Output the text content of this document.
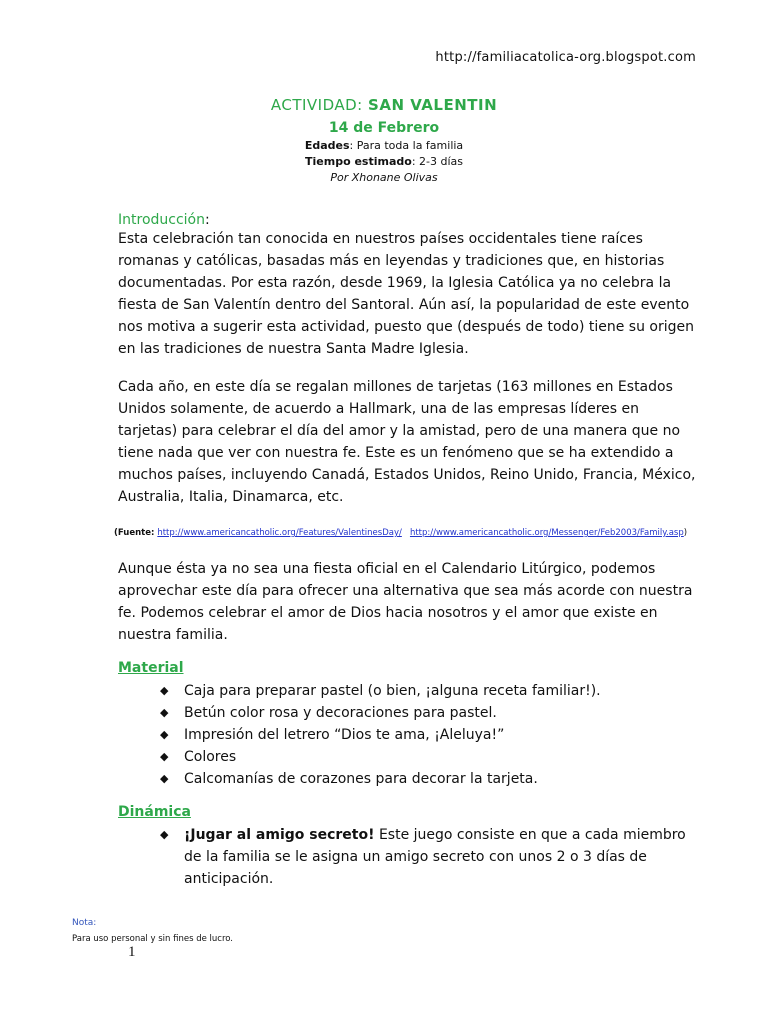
http://familiacatolica-org.blogspot.com
ACTIVIDAD: SAN VALENTIN
14 de Febrero
Edades: Para toda la familia
Tiempo estimado: 2-3 días
Por Xhonane Olivas
Introducción:

Esta celebración tan conocida en nuestros países occidentales tiene raíces romanas y católicas, basadas más en leyendas y tradiciones que, en historias documentadas. Por esta razón, desde 1969, la Iglesia Católica ya no celebra la fiesta de San Valentín dentro del Santoral. Aún así, la popularidad de este evento nos motiva a sugerir esta actividad, puesto que (después de todo) tiene su origen en las tradiciones de nuestra Santa Madre Iglesia.

Cada año, en este día se regalan millones de tarjetas (163 millones en Estados Unidos solamente, de acuerdo a Hallmark, una de las empresas líderes en tarjetas) para celebrar el día del amor y la amistad, pero de una manera que no tiene nada que ver con nuestra fe. Este es un fenómeno que se ha extendido a muchos países, incluyendo Canadá, Estados Unidos, Reino Unido, Francia, México, Australia, Italia, Dinamarca, etc.

(Fuente: http://www.americancatholic.org/Features/ValentinesDay/ http://www.americancatholic.org/Messenger/Feb2003/Family.asp)

Aunque ésta ya no sea una fiesta oficial en el Calendario Litúrgico, podemos aprovechar este día para ofrecer una alternativa que sea más acorde con nuestra fe. Podemos celebrar el amor de Dios hacia nosotros y el amor que existe en nuestra familia.

Material
◆ Caja para preparar pastel (o bien, ¡alguna receta familiar!).
◆ Betún color rosa y decoraciones para pastel.
◆ Impresión del letrero “Dios te ama, ¡Aleluya!”
◆ Colores
◆ Calcomanías de corazones para decorar la tarjeta.
Dinámica
◆ ¡Jugar al amigo secreto! Este juego consiste en que a cada miembro de la familia se le asigna un amigo secreto con unos 2 o 3 días de anticipación.
Nota:
Para uso personal y sin fines de lucro.
1
